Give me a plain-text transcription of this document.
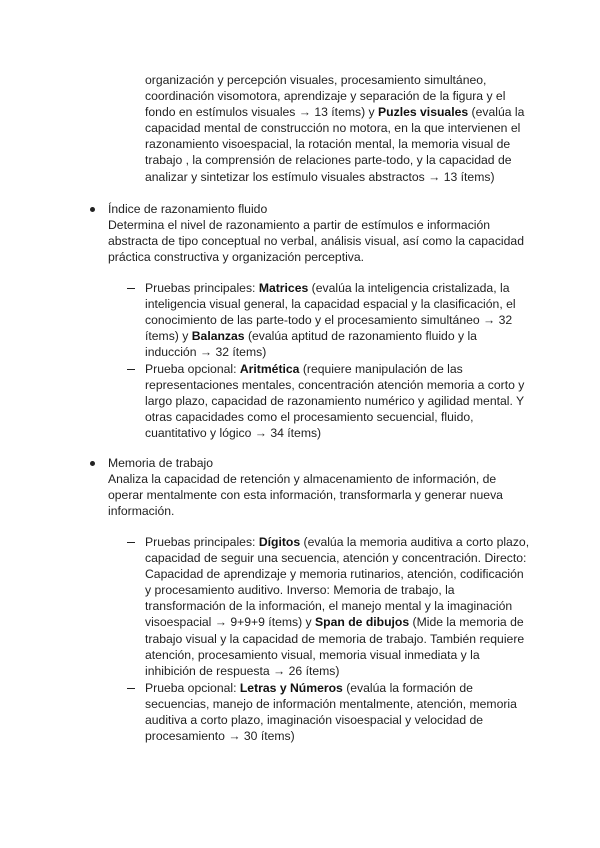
organización y percepción visuales, procesamiento simultáneo,
coordinación visomotora, aprendizaje y separación de la figura y el
fondo en estímulos visuales → 13 ítems) y Puzles visuales (evalúa la
capacidad mental de construcción no motora, en la que intervienen el
razonamiento visoespacial, la rotación mental, la memoria visual de
trabajo , la comprensión de relaciones parte-todo, y la capacidad de
analizar y sintetizar los estímulo visuales abstractos → 13 ítems)
Índice de razonamiento fluido
Determina el nivel de razonamiento a partir de estímulos e información
abstracta de tipo conceptual no verbal, análisis visual, así como la capacidad
práctica constructiva y organización perceptiva.
Pruebas principales: Matrices (evalúa la inteligencia cristalizada, la
inteligencia visual general, la capacidad espacial y la clasificación, el
conocimiento de las parte-todo y el procesamiento simultáneo → 32
ítems) y Balanzas (evalúa aptitud de razonamiento fluido y la
inducción → 32 ítems)
Prueba opcional: Aritmética (requiere manipulación de las
representaciones mentales, concentración atención memoria a corto y
largo plazo, capacidad de razonamiento numérico y agilidad mental. Y
otras capacidades como el procesamiento secuencial, fluido,
cuantitativo y lógico → 34 ítems)
Memoria de trabajo
Analiza la capacidad de retención y almacenamiento de información, de
operar mentalmente con esta información, transformarla y generar nueva
información.
Pruebas principales: Dígitos (evalúa la memoria auditiva a corto plazo,
capacidad de seguir una secuencia, atención y concentración. Directo:
Capacidad de aprendizaje y memoria rutinarios, atención, codificación
y procesamiento auditivo. Inverso: Memoria de trabajo, la
transformación de la información, el manejo mental y la imaginación
visoespacial → 9+9+9 ítems) y Span de dibujos (Mide la memoria de
trabajo visual y la capacidad de memoria de trabajo. También requiere
atención, procesamiento visual, memoria visual inmediata y la
inhibición de respuesta → 26 ítems)
Prueba opcional: Letras y Números (evalúa la formación de
secuencias, manejo de información mentalmente, atención, memoria
auditiva a corto plazo, imaginación visoespacial y velocidad de
procesamiento → 30 ítems)
